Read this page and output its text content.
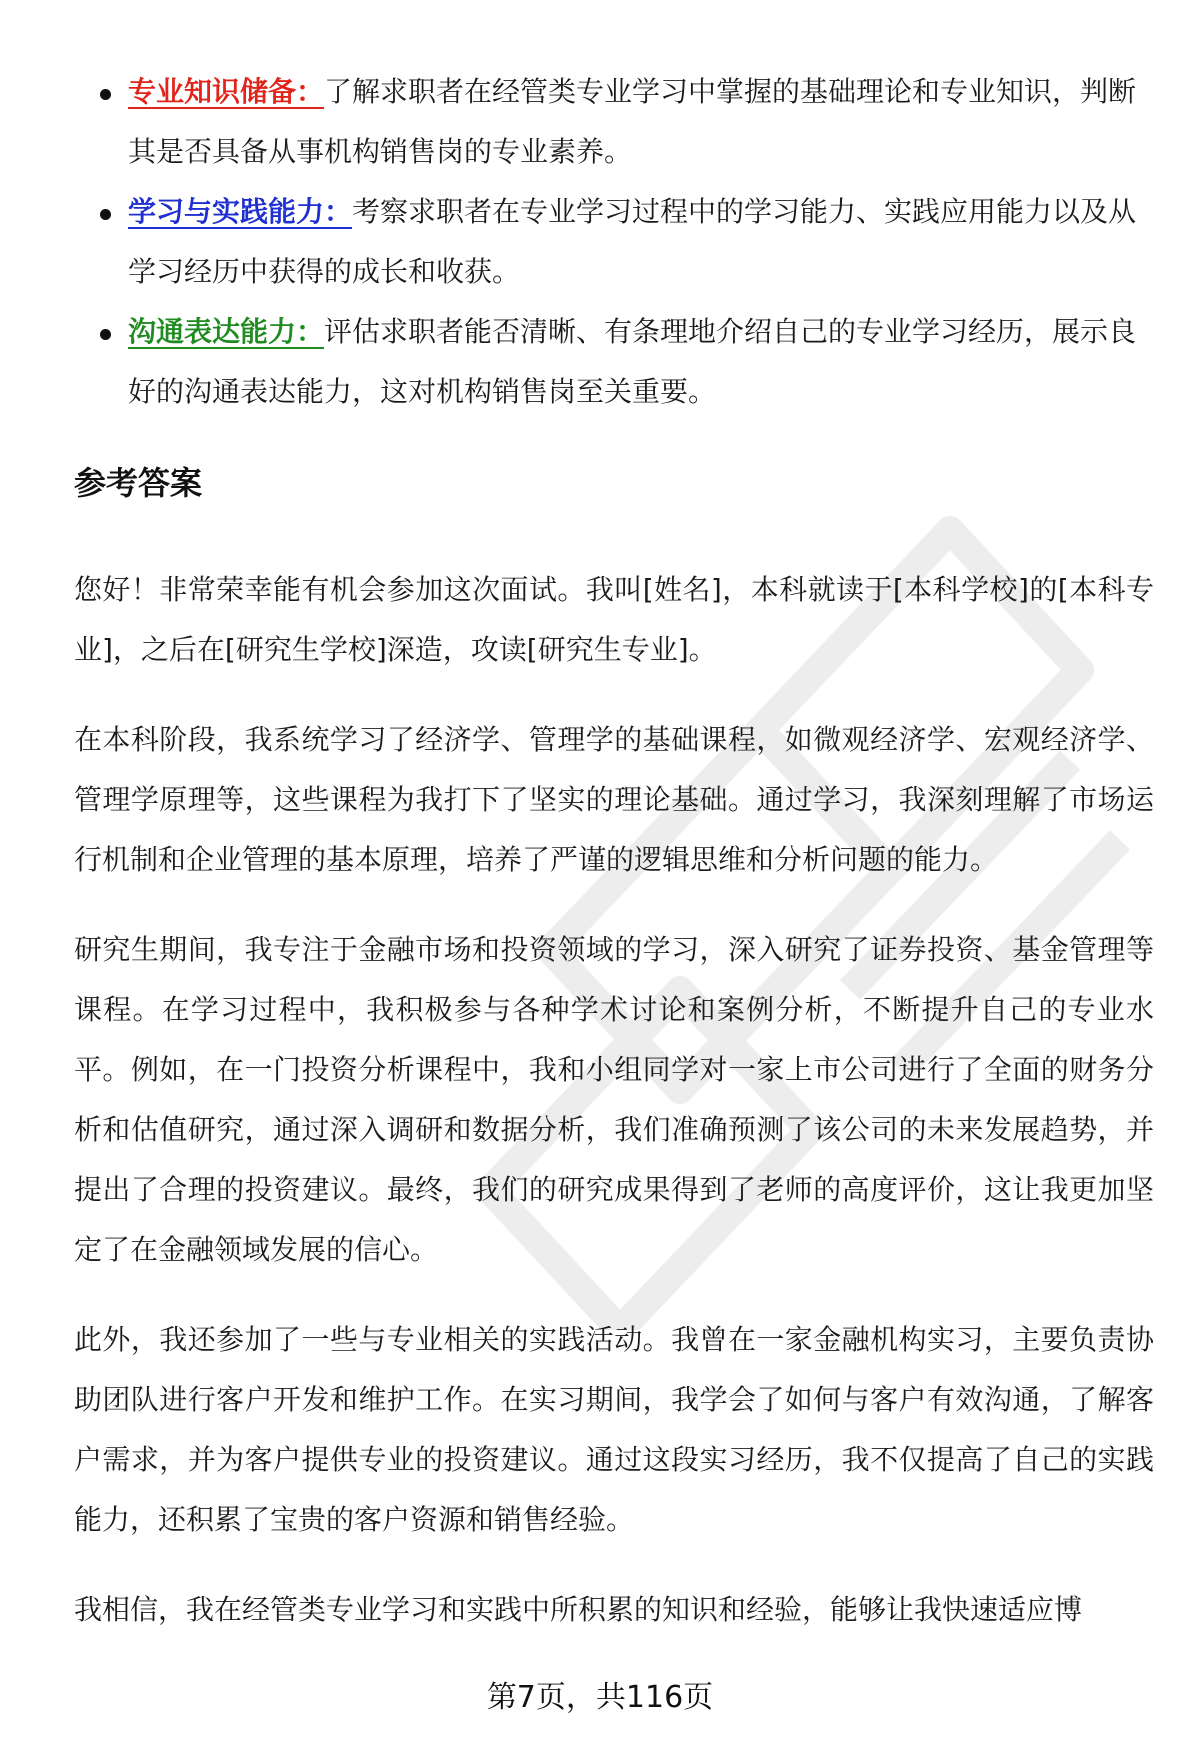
专业知识储备：了解求职者在经管类专业学习中掌握的基础理论和专业知识，判断其是否具备从事机构销售岗的专业素养。
学习与实践能力：考察求职者在专业学习过程中的学习能力、实践应用能力以及从学习经历中获得的成长和收获。
沟通表达能力：评估求职者能否清晰、有条理地介绍自己的专业学习经历，展示良好的沟通表达能力，这对机构销售岗至关重要。
参考答案

您好！非常荣幸能有机会参加这次面试。我叫[姓名]，本科就读于[本科学校]的[本科专业]，之后在[研究生学校]深造，攻读[研究生专业]。

在本科阶段，我系统学习了经济学、管理学的基础课程，如微观经济学、宏观经济学、管理学原理等，这些课程为我打下了坚实的理论基础。通过学习，我深刻理解了市场运行机制和企业管理的基本原理，培养了严谨的逻辑思维和分析问题的能力。

研究生期间，我专注于金融市场和投资领域的学习，深入研究了证券投资、基金管理等课程。在学习过程中，我积极参与各种学术讨论和案例分析，不断提升自己的专业水平。例如，在一门投资分析课程中，我和小组同学对一家上市公司进行了全面的财务分析和估值研究，通过深入调研和数据分析，我们准确预测了该公司的未来发展趋势，并提出了合理的投资建议。最终，我们的研究成果得到了老师的高度评价，这让我更加坚定了在金融领域发展的信心。

此外，我还参加了一些与专业相关的实践活动。我曾在一家金融机构实习，主要负责协助团队进行客户开发和维护工作。在实习期间，我学会了如何与客户有效沟通，了解客户需求，并为客户提供专业的投资建议。通过这段实习经历，我不仅提高了自己的实践能力，还积累了宝贵的客户资源和销售经验。

我相信，我在经管类专业学习和实践中所积累的知识和经验，能够让我快速适应博

第7页，共116页
